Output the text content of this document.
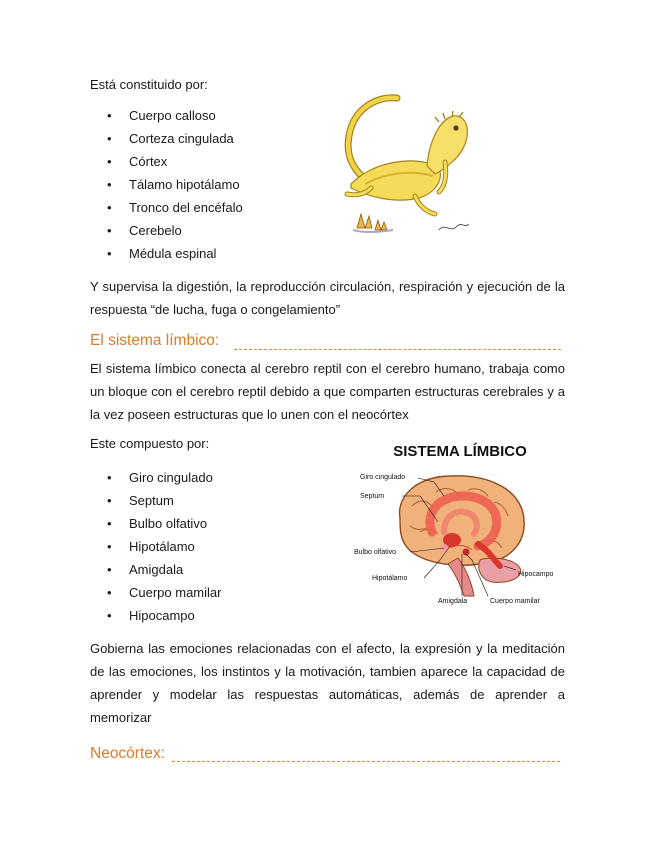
Está constituido por:

• Cuerpo calloso
• Corteza cingulada
• Córtex
• Tálamo hipotálamo
• Tronco del encéfalo
• Cerebelo
• Médula espinal

Y supervisa la digestión, la reproducción circulación, respiración y ejecución de la respuesta “de lucha, fuga o congelamiento”

El sistema límbico:

El sistema límbico conecta al cerebro reptil con el cerebro humano, trabaja como un bloque con el cerebro reptil debido a que comparten estructuras cerebrales y a la vez poseen estructuras que lo unen con el neocórtex

Este compuesto por:

• Giro cingulado
• Septum
• Bulbo olfativo
• Hipotálamo
• Amigdala
• Cuerpo mamilar
• Hipocampo
SISTEMA LÍMBICO
Giro cingulado
Septum
Bulbo olfativo
Hipotálamo
Amigdala	Cuerpo mamilar
Hipocampo

Gobierna las emociones relacionadas con el afecto, la expresión y la meditación de las emociones, los instintos y la motivación, tambien aparece la capacidad de aprender y modelar las respuestas automáticas, además de aprender a memorizar

Neocórtex:
